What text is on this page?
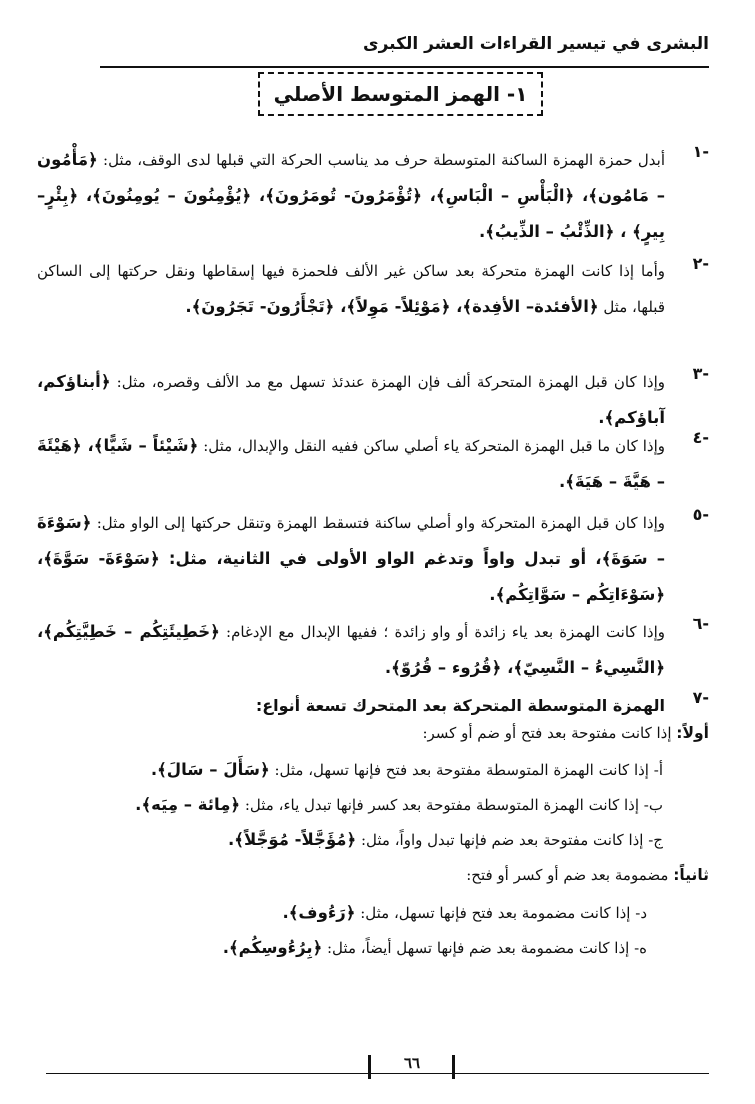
البشرى في تيسير القراءات العشر الكبرى
١- الهمز المتوسط الأصلي
-١
أبدل حمزة الهمزة الساكنة المتوسطة حرف مد يناسب الحركة التي قبلها لدى الوقف، مثل: ﴿مَأْمُون – مَامُون﴾، ﴿الْبَأْسِ – الْبَاسِ﴾، ﴿تُؤْمَرُونَ- تُومَرُونَ﴾، ﴿يُؤْمِنُونَ – يُومِنُونَ﴾، ﴿بِئْرٍ–بِيرٍ﴾ ، ﴿الذِّئْبُ – الذِّيبُ﴾.
-٢
وأما إذا كانت الهمزة متحركة بعد ساكن غير الألف فلحمزة فيها إسقاطها ونقل حركتها إلى الساكن قبلها، مثل ﴿الأفئدة– الأفِدة﴾، ﴿مَوْئِلاً- مَوِلاً﴾، ﴿تَجْأَرُونَ- تَجَرُونَ﴾.
-٣
وإذا كان قبل الهمزة المتحركة ألف فإن الهمزة عندئذ تسهل مع مد الألف وقصره، مثل: ﴿أبناؤكم، آباؤكم﴾.
-٤
وإذا كان ما قبل الهمزة المتحركة ياء أصلي ساكن ففيه النقل والإبدال، مثل: ﴿شَيْئاً – شَيًّا﴾، ﴿هَيْئَةَ – هَيَّةَ – هَيَةَ﴾.
-٥
وإذا كان قبل الهمزة المتحركة واو أصلي ساكنة فتسقط الهمزة وتنقل حركتها إلى الواو مثل: ﴿سَوْءَةَ – سَوَةَ﴾، أو تبدل واواً وتدغم الواو الأولى في الثانية، مثل: ﴿سَوْءَةَ- سَوَّةَ﴾، ﴿سَوْءَاتِكُم – سَوَّاتِكُم﴾.
-٦
وإذا كانت الهمزة بعد ياء زائدة أو واو زائدة ؛ ففيها الإبدال مع الإدغام: ﴿خَطِيئَتِكُم – خَطِيَّتِكُم﴾، ﴿النَّسِيءُ – النَّسِيّ﴾، ﴿قُرُوء – قُرُوّ﴾.
-٧
الهمزة المتوسطة المتحركة بعد المتحرك تسعة أنواع:
أولاً: إذا كانت مفتوحة بعد فتح أو ضم أو كسر:
أ- إذا كانت الهمزة المتوسطة مفتوحة بعد فتح فإنها تسهل، مثل: ﴿سَأَلَ – سَالَ﴾.
ب- إذا كانت الهمزة المتوسطة مفتوحة بعد كسر فإنها تبدل ياء، مثل: ﴿مِائة – مِيَه﴾.
ج- إذا كانت مفتوحة بعد ضم فإنها تبدل واواً، مثل: ﴿مُؤَجَّلاً- مُوَجَّلاً﴾.
ثانياً: مضمومة بعد ضم أو كسر أو فتح:
د- إذا كانت مضمومة بعد فتح فإنها تسهل، مثل: ﴿رَءُوف﴾.
ه- إذا كانت مضمومة بعد ضم فإنها تسهل أيضاً، مثل: ﴿بِرُءُوسِكُم﴾.
٦٦
